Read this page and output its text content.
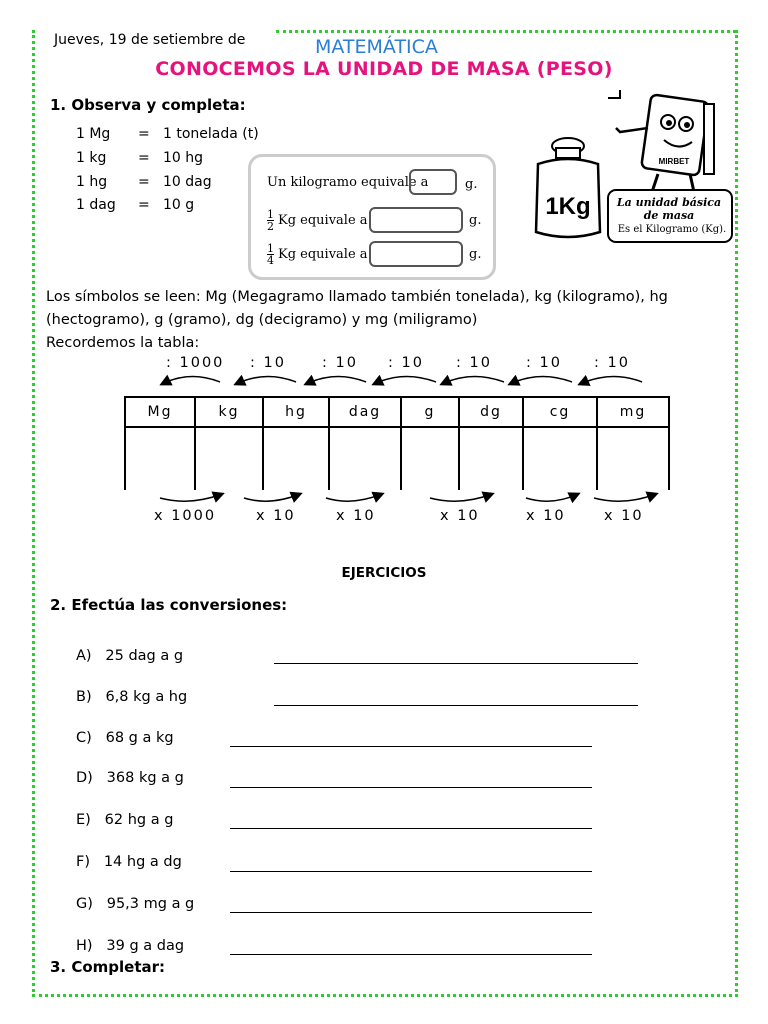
Jueves, 19 de setiembre de	MATEMÁTICA
CONOCEMOS LA UNIDAD DE MASA (PESO)
1. Observa y completa:
1 Mg = 1 tonelada (t)
1 kg = 10 hg
1 hg = 10 dag
1 dag = 10 g
Un kilogramo equivale a	g.
$\frac{1}{2}$ Kg equivale a	g.
$\frac{1}{4}$ Kg equivale a	g.
1Kg
MIRBET
La unidad básica de masa
Es el Kilogramo (Kg).
Los símbolos se leen: Mg (Megagramo llamado también tonelada), kg (kilogramo), hg (hectogramo), g (gramo), dg (decigramo) y mg (miligramo)
Recordemos la tabla:
: 1000 : 10 : 10 : 10 : 10 : 10 : 10
Mg	kg	hg	dag	g	dg	cg	mg
x 1000	x 10	x 10	x 10	x 10	x 10
EJERCICIOS
2. Efectúa las conversiones:
A) 25 dag a g
B) 6,8 kg a hg
C) 68 g a kg
D) 368 kg a g
E) 62 hg a g
F) 14 hg a dg
G) 95,3 mg a g
H) 39 g a dag
3. Completar:
